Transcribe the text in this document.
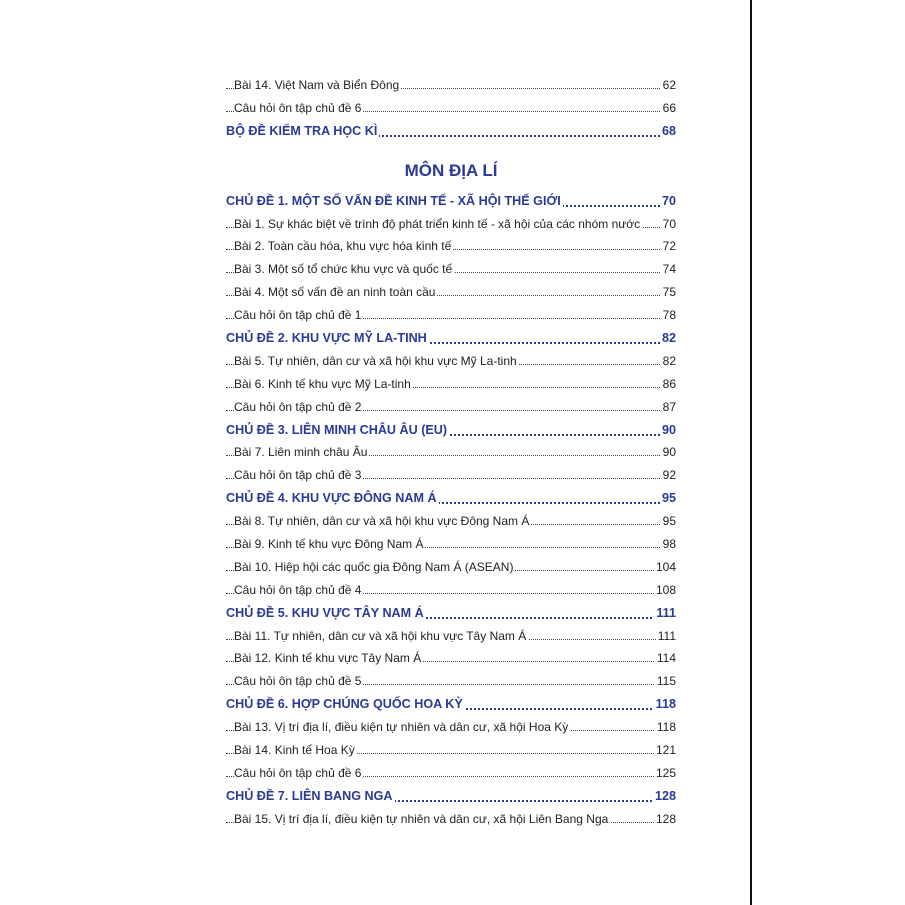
Bài 14. Việt Nam và Biển Đông	62
Câu hỏi ôn tập chủ đề 6	66
BỘ ĐỀ KIỂM TRA HỌC KÌ	68
MÔN ĐỊA LÍ
CHỦ ĐỀ 1. MỘT SỐ VẤN ĐỀ KINH TẾ - XÃ HỘI THẾ GIỚI	70
Bài 1. Sự khác biệt về trình độ phát triển kinh tế - xã hội của các nhóm nước 70
Bài 2. Toàn cầu hóa, khu vực hóa kinh tế	72
Bài 3. Một số tổ chức khu vực và quốc tế	74
Bài 4. Một số vấn đề an ninh toàn cầu	75
Câu hỏi ôn tập chủ đề 1	78
CHỦ ĐỀ 2. KHU VỰC MỸ LA-TINH	82
Bài 5. Tự nhiên, dân cư và xã hội khu vực Mỹ La-tinh	82
Bài 6. Kinh tế khu vực Mỹ La-tinh	86
Câu hỏi ôn tập chủ đề 2	87
CHỦ ĐỀ 3. LIÊN MINH CHÂU ÂU (EU)	90
Bài 7. Liên minh châu Âu	90
Câu hỏi ôn tập chủ đề 3	92
CHỦ ĐỀ 4. KHU VỰC ĐÔNG NAM Á	95
Bài 8. Tự nhiên, dân cư và xã hội khu vực Đông Nam Á	95
Bài 9. Kinh tế khu vực Đông Nam Á	98
Bài 10. Hiệp hội các quốc gia Đông Nam Á (ASEAN)	104
Câu hỏi ôn tập chủ đề 4	108
CHỦ ĐỀ 5. KHU VỰC TÂY NAM Á	111
Bài 11. Tự nhiên, dân cư và xã hội khu vực Tây Nam Á	111
Bài 12. Kinh tế khu vực Tây Nam Á	114
Câu hỏi ôn tập chủ đề 5	115
CHỦ ĐỀ 6. HỢP CHÚNG QUỐC HOA KỲ	118
Bài 13. Vị trí địa lí, điều kiện tự nhiên và dân cư, xã hội Hoa Kỳ	118
Bài 14. Kinh tế Hoa Kỳ	121
Câu hỏi ôn tập chủ đề 6	125
CHỦ ĐỀ 7. LIÊN BANG NGA	128
Bài 15. Vị trí địa lí, điều kiện tự nhiên và dân cư, xã hội Liên Bang Nga	128
